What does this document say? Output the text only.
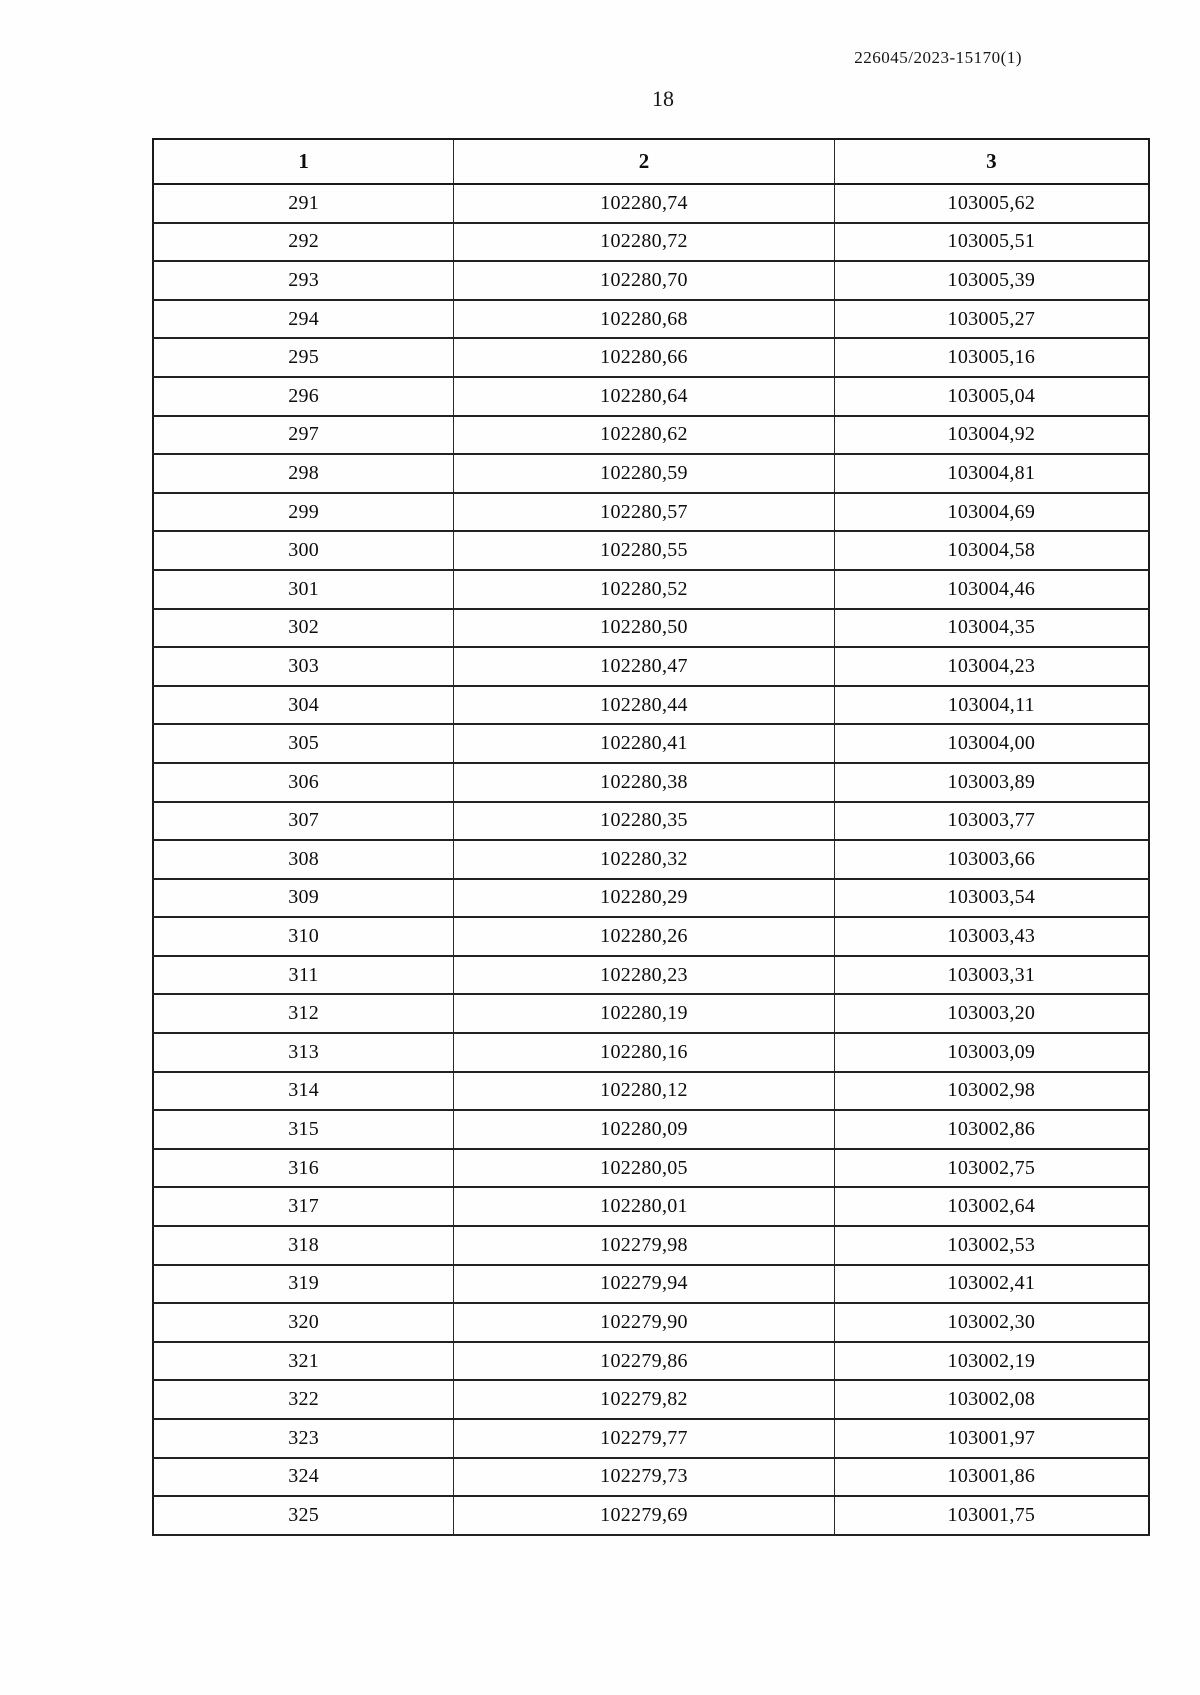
226045/2023-15170(1)
18
1	2	3
291	102280,74	103005,62
292	102280,72	103005,51
293	102280,70	103005,39
294	102280,68	103005,27
295	102280,66	103005,16
296	102280,64	103005,04
297	102280,62	103004,92
298	102280,59	103004,81
299	102280,57	103004,69
300	102280,55	103004,58
301	102280,52	103004,46
302	102280,50	103004,35
303	102280,47	103004,23
304	102280,44	103004,11
305	102280,41	103004,00
306	102280,38	103003,89
307	102280,35	103003,77
308	102280,32	103003,66
309	102280,29	103003,54
310	102280,26	103003,43
311	102280,23	103003,31
312	102280,19	103003,20
313	102280,16	103003,09
314	102280,12	103002,98
315	102280,09	103002,86
316	102280,05	103002,75
317	102280,01	103002,64
318	102279,98	103002,53
319	102279,94	103002,41
320	102279,90	103002,30
321	102279,86	103002,19
322	102279,82	103002,08
323	102279,77	103001,97
324	102279,73	103001,86
325	102279,69	103001,75
